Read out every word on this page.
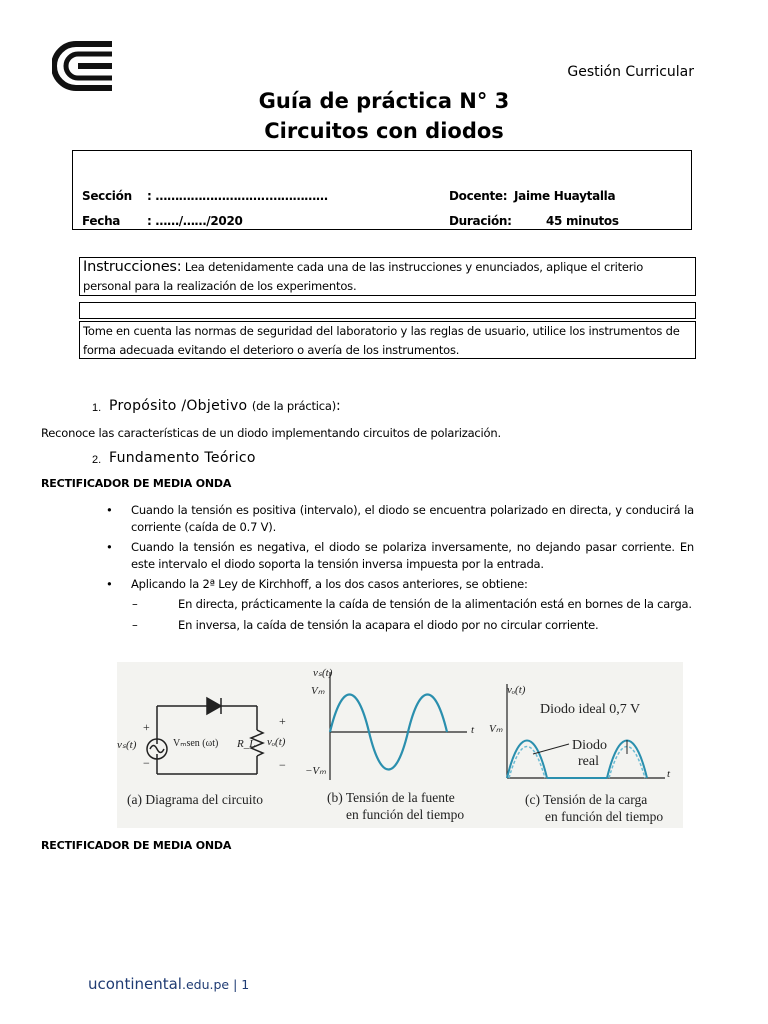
Gestión Curricular
Guía de práctica N° 3
Circuitos con diodos
Sección : ………………………..……………
Fecha : ……/……/2020
Docente: Jaime Huaytalla
Duración:	45 minutos
Instrucciones: Lea detenidamente cada una de las instrucciones y enunciados, aplique el criterio personal para la realización de los experimentos.
Tome en cuenta las normas de seguridad del laboratorio y las reglas de usuario, utilice los instrumentos de forma adecuada evitando el deterioro o avería de los instrumentos.
1. Propósito /Objetivo (de la práctica):
Reconoce las características de un diodo implementando circuitos de polarización.
2. Fundamento Teórico
RECTIFICADOR DE MEDIA ONDA
• Cuando la tensión es positiva (intervalo), el diodo se encuentra polarizado en directa, y conducirá la corriente (caída de 0.7 V).
• Cuando la tensión es negativa, el diodo se polariza inversamente, no dejando pasar corriente. En este intervalo el diodo soporta la tensión inversa impuesta por la entrada.
• Aplicando la 2ª Ley de Kirchhoff, a los dos casos anteriores, se obtiene:
–	En directa, prácticamente la caída de tensión de la alimentación está en bornes de la carga.
–	En inversa, la caída de tensión la acapara el diodo por no circular corriente.
vₛ(t)	Vₘsen (ωt) R_L vₒ(t)
+
−
+
−
vₛ(t)
Vₘ
−Vₘ
t
vₒ(t)
Vₘ
Diodo ideal 0,7 V
Diodo
real
t
(a) Diagrama del circuito	(b) Tensión de la fuente
en función del tiempo
(c) Tensión de la carga
en función del tiempo
RECTIFICADOR DE MEDIA ONDA
ucontinental.edu.pe | 1
